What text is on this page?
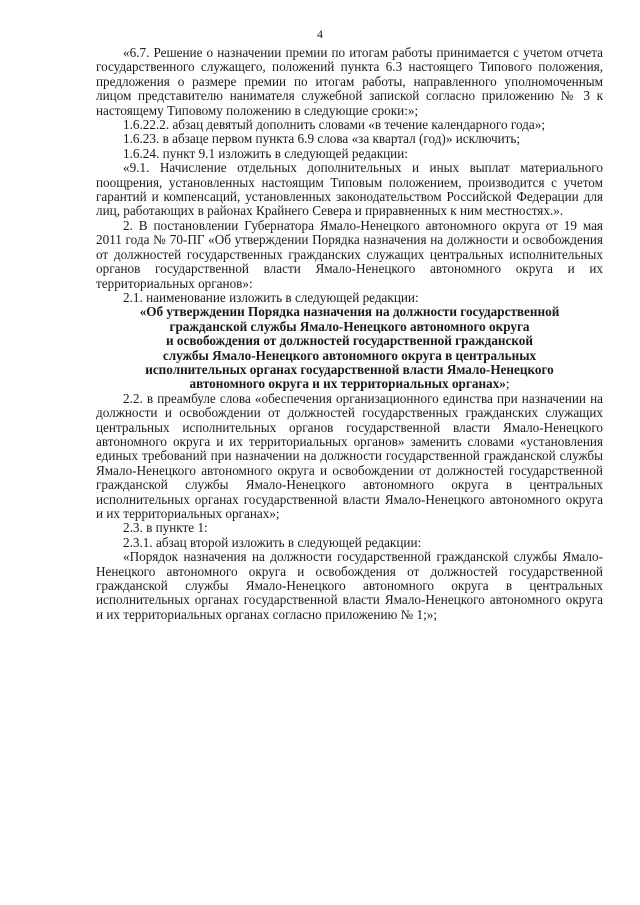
4

«6.7. Решение о назначении премии по итогам работы принимается с учетом отчета государственного служащего, положений пункта 6.3 настоящего Типового положения, предложения о размере премии по итогам работы, направленного уполномоченным лицом представителю нанимателя служебной запиской согласно приложению № 3 к настоящему Типовому положению в следующие сроки:»;

1.6.22.2. абзац девятый дополнить словами «в течение календарного года»;

1.6.23. в абзаце первом пункта 6.9 слова «за квартал (год)» исключить;

1.6.24. пункт 9.1 изложить в следующей редакции:

«9.1. Начисление отдельных дополнительных и иных выплат материального поощрения, установленных настоящим Типовым положением, производится с учетом гарантий и компенсаций, установленных законодательством Российской Федерации для лиц, работающих в районах Крайнего Севера и приравненных к ним местностях.».

2. В постановлении Губернатора Ямало-Ненецкого автономного округа от 19 мая 2011 года № 70-ПГ «Об утверждении Порядка назначения на должности и освобождения от должностей государственных гражданских служащих центральных исполнительных органов государственной власти Ямало-Ненецкого автономного округа и их территориальных органов»:

2.1. наименование изложить в следующей редакции:

«Об утверждении Порядка назначения на должности государственной
гражданской службы Ямало-Ненецкого автономного округа
и освобождения от должностей государственной гражданской
службы Ямало-Ненецкого автономного округа в центральных
исполнительных органах государственной власти Ямало-Ненецкого
автономного округа и их территориальных органах»;

2.2. в преамбуле слова «обеспечения организационного единства при назначении на должности и освобождении от должностей государственных гражданских служащих центральных исполнительных органов государственной власти Ямало-Ненецкого автономного округа и их территориальных органов» заменить словами «установления единых требований при назначении на должности государственной гражданской службы Ямало-Ненецкого автономного округа и освобождении от должностей государственной гражданской службы Ямало-Ненецкого автономного округа в центральных исполнительных органах государственной власти Ямало-Ненецкого автономного округа и их территориальных органах»;

2.3. в пункте 1:

2.3.1. абзац второй изложить в следующей редакции:

«Порядок назначения на должности государственной гражданской службы Ямало-Ненецкого автономного округа и освобождения от должностей государственной гражданской службы Ямало-Ненецкого автономного округа в центральных исполнительных органах государственной власти Ямало-Ненецкого автономного округа и их территориальных органах согласно приложению № 1;»;
